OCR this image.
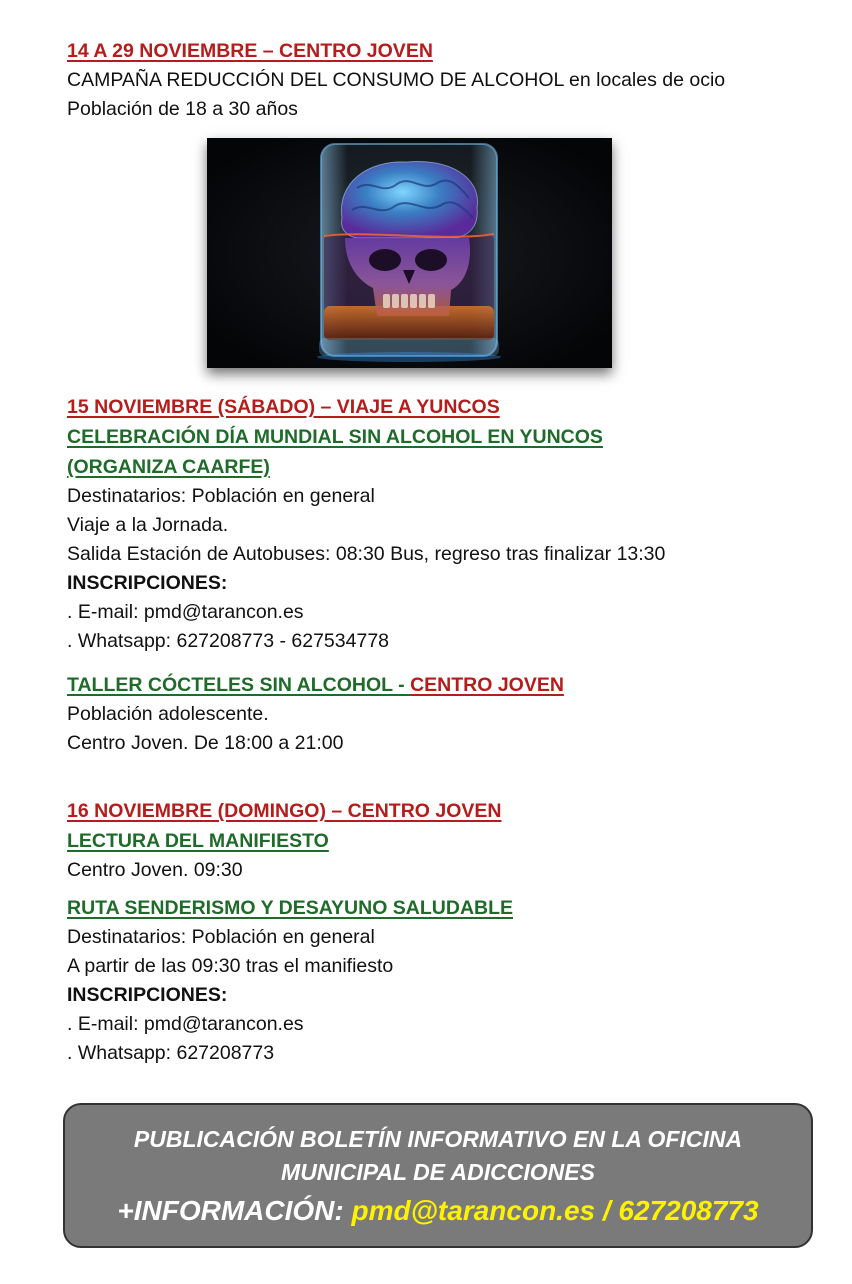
14 A 29 NOVIEMBRE – CENTRO JOVEN
CAMPAÑA REDUCCIÓN DEL CONSUMO DE ALCOHOL en locales de ocio
Población de 18 a 30 años
15 NOVIEMBRE (SÁBADO) – VIAJE A YUNCOS
CELEBRACIÓN DÍA MUNDIAL SIN ALCOHOL EN YUNCOS
(ORGANIZA CAARFE)
Destinatarios: Población en general
Viaje a la Jornada.
Salida Estación de Autobuses: 08:30 Bus, regreso tras finalizar 13:30
INSCRIPCIONES:
. E-mail: pmd@tarancon.es
. Whatsapp: 627208773 - 627534778
TALLER CÓCTELES SIN ALCOHOL - CENTRO JOVEN
Población adolescente.
Centro Joven. De 18:00 a 21:00
16 NOVIEMBRE (DOMINGO) – CENTRO JOVEN
LECTURA DEL MANIFIESTO
Centro Joven. 09:30
RUTA SENDERISMO Y DESAYUNO SALUDABLE
Destinatarios: Población en general
A partir de las 09:30 tras el manifiesto
INSCRIPCIONES:
. E-mail: pmd@tarancon.es
. Whatsapp: 627208773
PUBLICACIÓN BOLETÍN INFORMATIVO EN LA OFICINA
MUNICIPAL DE ADICCIONES
+INFORMACIÓN: pmd@tarancon.es / 627208773
